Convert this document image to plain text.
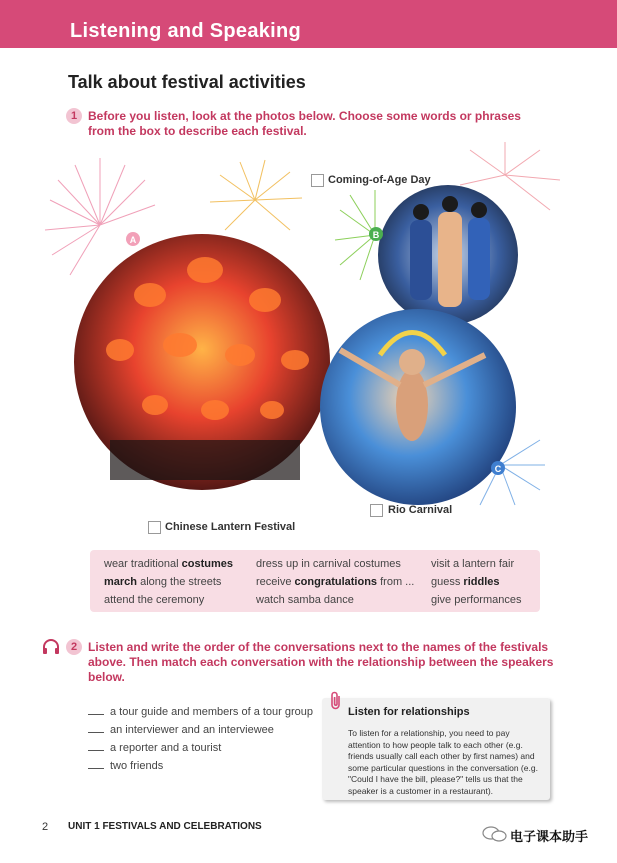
Listening and Speaking
Talk about festival activities
1 Before you listen, look at the photos below. Choose some words or phrases
from the box to describe each festival.
A	B
C
Coming-of-Age Day
Chinese Lantern Festival
Rio Carnival
wear traditional costumes
march along the streets
attend the ceremony
dress up in carnival costumes
receive congratulations from ...
watch samba dance
visit a lantern fair
guess riddles
give performances
2 Listen and write the order of the conversations next to the names of the festivals
above. Then match each conversation with the relationship between the speakers
below.
a tour guide and members of a tour group
an interviewer and an interviewee
a reporter and a tourist
two friends
Listen for relationships
To listen for a relationship, you need to pay attention to how people talk to each other (e.g. friends usually call each other by first names) and some particular questions in the conversation (e.g. "Could I have the bill, please?" tells us that the speaker is a customer in a restaurant).
2 UNIT 1 FESTIVALS AND CELEBRATIONS
电子课本助手
